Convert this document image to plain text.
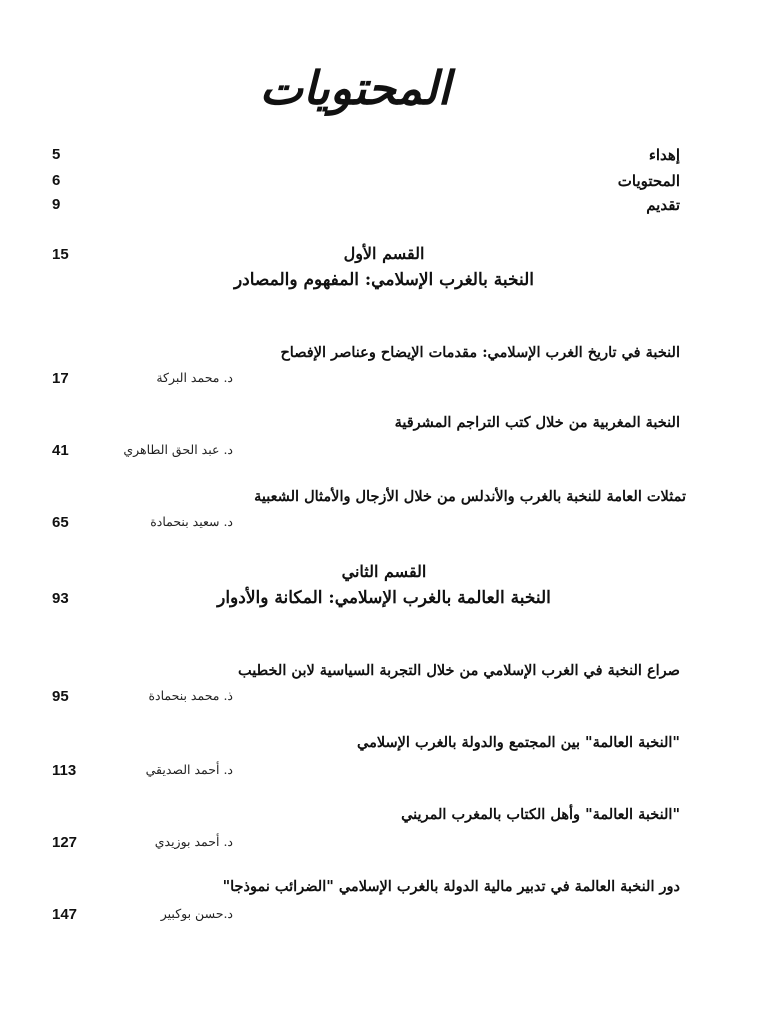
المحتويات
إهداء
5
المحتويات
6
تقديم
9
القسم الأول
15
النخبة بالغرب الإسلامي: المفهوم والمصادر
النخبة في تاريخ الغرب الإسلامي: مقدمات الإيضاح وعناصر الإفصاح
د. محمد البركة
17
النخبة المغربية من خلال كتب التراجم المشرقية
د. عبد الحق الطاهري
41
تمثلات العامة للنخبة بالغرب والأندلس من خلال الأزجال والأمثال الشعبية
د. سعيد بنحمادة
65
القسم الثاني
93	النخبة العالمة بالغرب الإسلامي: المكانة والأدوار
صراع النخبة في الغرب الإسلامي من خلال التجربة السياسية لابن الخطيب
ذ. محمد بنحمادة
95
"النخبة العالمة" بين المجتمع والدولة بالغرب الإسلامي
د. أحمد الصديقي
113
"النخبة العالمة" وأهل الكتاب بالمغرب المريني
د. أحمد بوزيدي
127
دور النخبة العالمة في تدبير مالية الدولة بالغرب الإسلامي "الضرائب نموذجا"
د.حسن بوكبير
147
